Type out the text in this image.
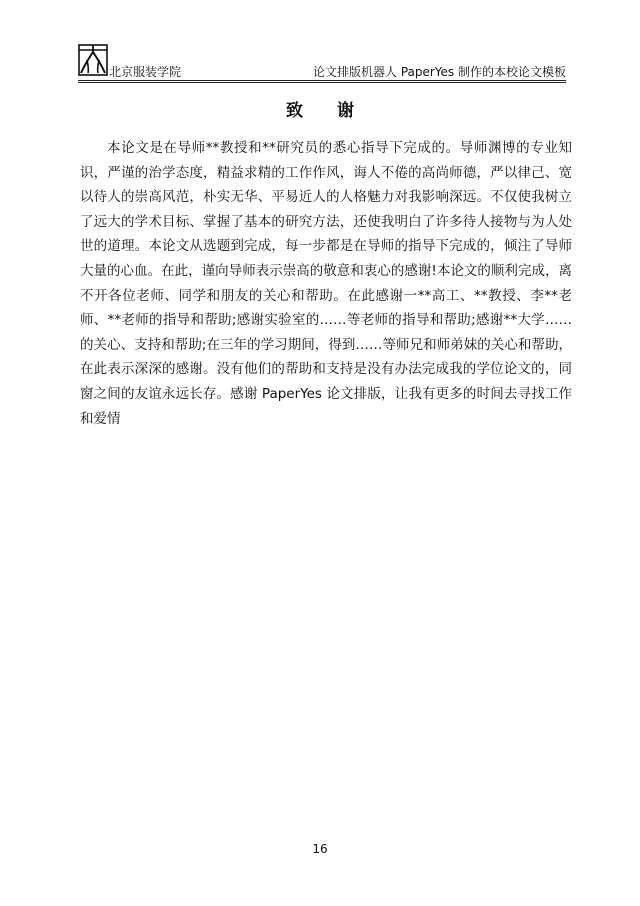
北京服装学院	论文排版机器人 PaperYes 制作的本校论文模板
致 谢

本论文是在导师**教授和**研究员的悉心指导下完成的。导师渊博的专业知识，严谨的治学态度，精益求精的工作作风，诲人不倦的高尚师德，严以律己、宽以待人的崇高风范，朴实无华、平易近人的人格魅力对我影响深远。不仅使我树立了远大的学术目标、掌握了基本的研究方法，还使我明白了许多待人接物与为人处世的道理。本论文从选题到完成，每一步都是在导师的指导下完成的，倾注了导师大量的心血。在此，谨向导师表示崇高的敬意和衷心的感谢!本论文的顺利完成，离不开各位老师、同学和朋友的关心和帮助。在此感谢一**高工、**教授、李**老师、**老师的指导和帮助;感谢实验室的……等老师的指导和帮助;感谢**大学……的关心、支持和帮助;在三年的学习期间，得到……等师兄和师弟妹的关心和帮助，在此表示深深的感谢。没有他们的帮助和支持是没有办法完成我的学位论文的，同窗之间的友谊永远长存。感谢 PaperYes 论文排版，让我有更多的时间去寻找工作和爱情

16
